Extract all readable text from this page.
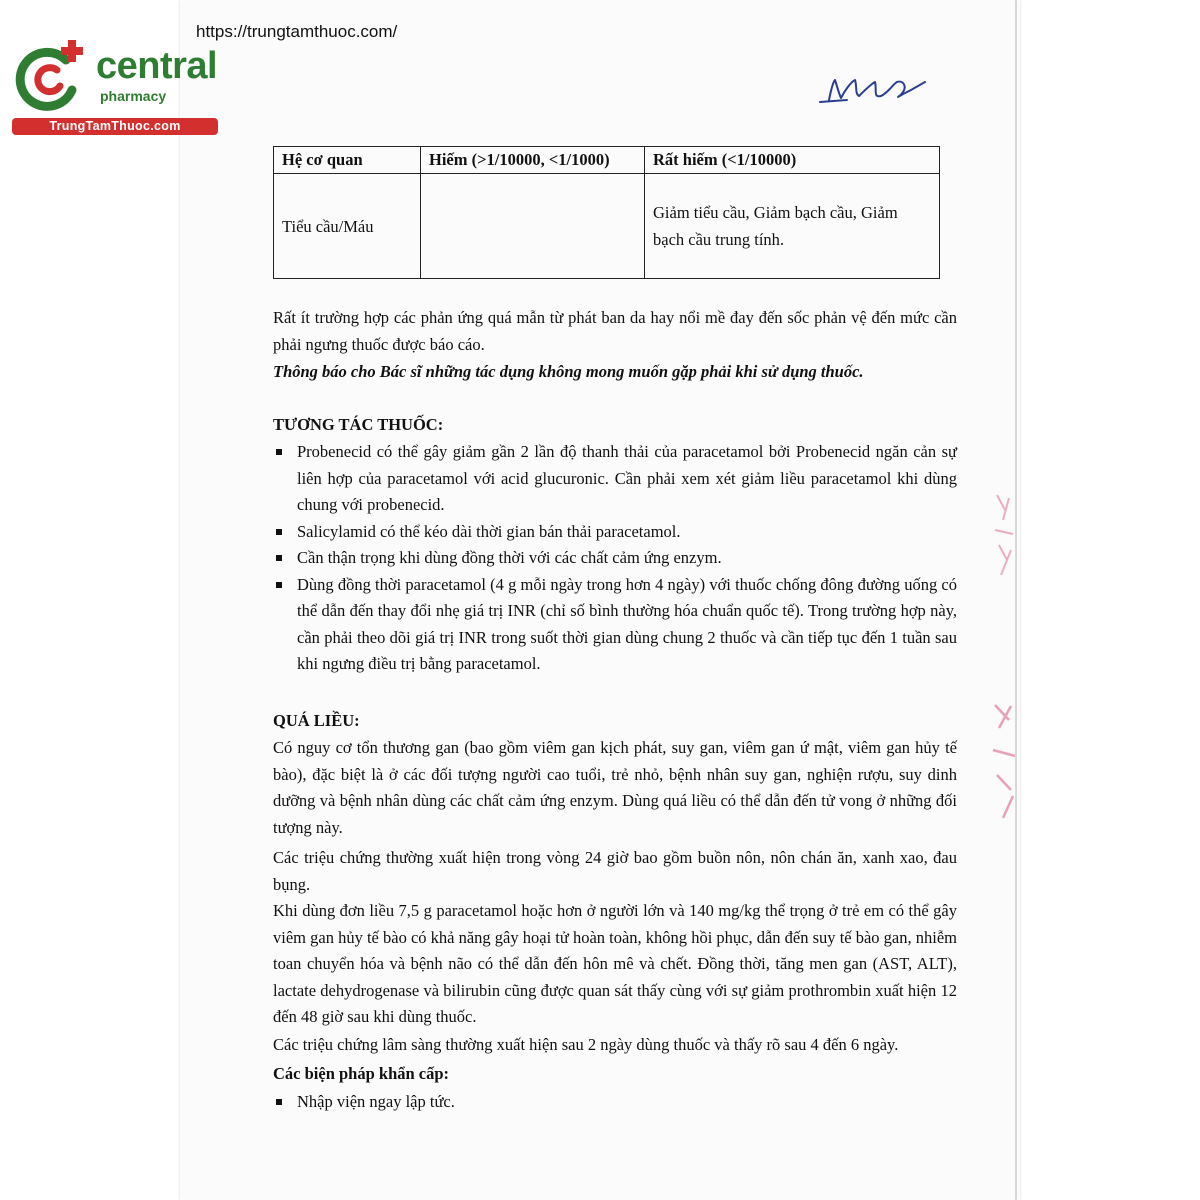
central
pharmacy
TrungTamThuoc.com
https://trungtamthuoc.com/
Hệ cơ quan	Hiếm (>1/10000, <1/1000)	Rất hiếm (<1/10000)
Tiểu cầu/Máu		Giảm tiểu cầu, Giảm bạch cầu, Giảm bạch cầu trung tính.
Rất ít trường hợp các phản ứng quá mẫn từ phát ban da hay nổi mề đay đến sốc phản vệ đến mức cần phải ngưng thuốc được báo cáo.
Thông báo cho Bác sĩ những tác dụng không mong muốn gặp phải khi sử dụng thuốc.
TƯƠNG TÁC THUỐC:
Probenecid có thể gây giảm gần 2 lần độ thanh thải của paracetamol bởi Probenecid ngăn cản sự liên hợp của paracetamol với acid glucuronic. Cần phải xem xét giảm liều paracetamol khi dùng chung với probenecid.
Salicylamid có thể kéo dài thời gian bán thải paracetamol.
Cần thận trọng khi dùng đồng thời với các chất cảm ứng enzym.
Dùng đồng thời paracetamol (4 g mỗi ngày trong hơn 4 ngày) với thuốc chống đông đường uống có thể dẫn đến thay đổi nhẹ giá trị INR (chỉ số bình thường hóa chuẩn quốc tế). Trong trường hợp này, cần phải theo dõi giá trị INR trong suốt thời gian dùng chung 2 thuốc và cần tiếp tục đến 1 tuần sau khi ngưng điều trị bằng paracetamol.
QUÁ LIỀU:
Có nguy cơ tổn thương gan (bao gồm viêm gan kịch phát, suy gan, viêm gan ứ mật, viêm gan hủy tế bào), đặc biệt là ở các đối tượng người cao tuổi, trẻ nhỏ, bệnh nhân suy gan, nghiện rượu, suy dinh dưỡng và bệnh nhân dùng các chất cảm ứng enzym. Dùng quá liều có thể dẫn đến tử vong ở những đối tượng này.
Các triệu chứng thường xuất hiện trong vòng 24 giờ bao gồm buồn nôn, nôn chán ăn, xanh xao, đau bụng.
Khi dùng đơn liều 7,5 g paracetamol hoặc hơn ở người lớn và 140 mg/kg thể trọng ở trẻ em có thể gây viêm gan hủy tế bào có khả năng gây hoại tử hoàn toàn, không hồi phục, dẫn đến suy tế bào gan, nhiễm toan chuyển hóa và bệnh não có thể dẫn đến hôn mê và chết. Đồng thời, tăng men gan (AST, ALT), lactate dehydrogenase và bilirubin cũng được quan sát thấy cùng với sự giảm prothrombin xuất hiện 12 đến 48 giờ sau khi dùng thuốc.
Các triệu chứng lâm sàng thường xuất hiện sau 2 ngày dùng thuốc và thấy rõ sau 4 đến 6 ngày.
Các biện pháp khẩn cấp:
Nhập viện ngay lập tức.
